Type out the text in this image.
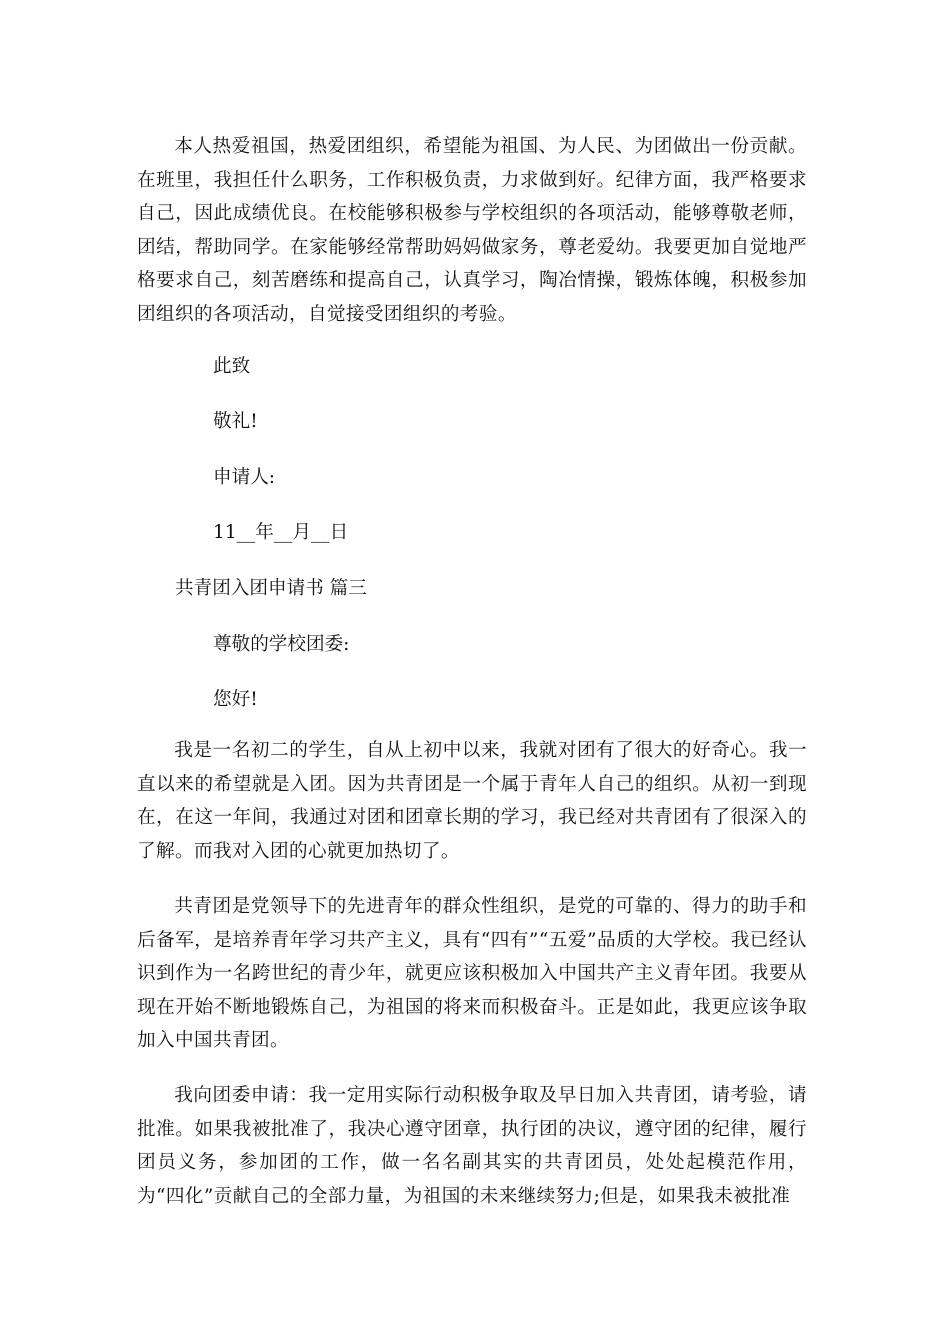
本人热爱祖国，热爱团组织，希望能为祖国、为人民、为团做出一份贡献。在班里，我担任什么职务，工作积极负责，力求做到好。纪律方面，我严格要求自己，因此成绩优良。在校能够积极参与学校组织的各项活动，能够尊敬老师，团结，帮助同学。在家能够经常帮助妈妈做家务，尊老爱幼。我要更加自觉地严格要求自己，刻苦磨练和提高自己，认真学习，陶冶情操，锻炼体魄，积极参加团组织的各项活动，自觉接受团组织的考验。

此致

敬礼!

申请人:

11__年__月__日

共青团入团申请书 篇三

尊敬的学校团委:

您好!

我是一名初二的学生，自从上初中以来，我就对团有了很大的好奇心。我一直以来的希望就是入团。因为共青团是一个属于青年人自己的组织。从初一到现在，在这一年间，我通过对团和团章长期的学习，我已经对共青团有了很深入的了解。而我对入团的心就更加热切了。

共青团是党领导下的先进青年的群众性组织，是党的可靠的、得力的助手和后备军，是培养青年学习共产主义，具有“四有”“五爱”品质的大学校。我已经认识到作为一名跨世纪的青少年，就更应该积极加入中国共产主义青年团。我要从现在开始不断地锻炼自己，为祖国的将来而积极奋斗。正是如此，我更应该争取加入中国共青团。

我向团委申请：我一定用实际行动积极争取及早日加入共青团，请考验，请批准。如果我被批准了，我决心遵守团章，执行团的决议，遵守团的纪律，履行团员义务，参加团的工作，做一名名副其实的共青团员，处处起模范作用，为“四化”贡献自己的全部力量，为祖国的未来继续努力;但是，如果我未被批准
